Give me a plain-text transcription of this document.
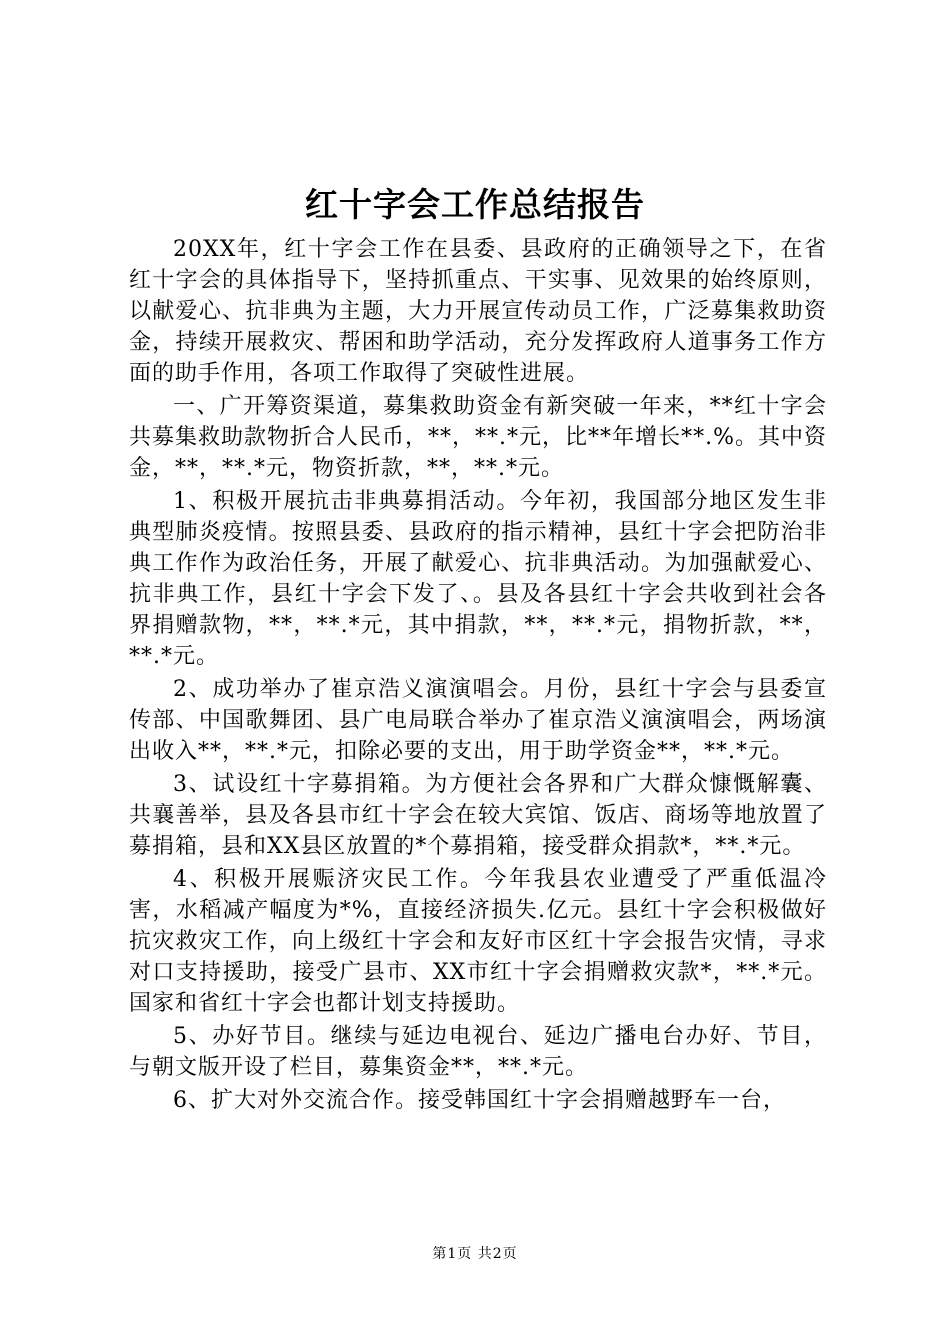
红十字会工作总结报告

20XX年，红十字会工作在县委、县政府的正确领导之下，在省红十字会的具体指导下，坚持抓重点、干实事、见效果的始终原则，以献爱心、抗非典为主题，大力开展宣传动员工作，广泛募集救助资金，持续开展救灾、帮困和助学活动，充分发挥政府人道事务工作方面的助手作用，各项工作取得了突破性进展。

一、广开筹资渠道，募集救助资金有新突破一年来，**红十字会共募集救助款物折合人民币，**，**.*元，比**年增长**.%。其中资金，**，**.*元，物资折款，**，**.*元。

1、积极开展抗击非典募捐活动。今年初，我国部分地区发生非典型肺炎疫情。按照县委、县政府的指示精神，县红十字会把防治非典工作作为政治任务，开展了献爱心、抗非典活动。为加强献爱心、抗非典工作，县红十字会下发了、。县及各县红十字会共收到社会各界捐赠款物，**，**.*元，其中捐款，**，**.*元，捐物折款，**，**.*元。

2、成功举办了崔京浩义演演唱会。月份，县红十字会与县委宣传部、中国歌舞团、县广电局联合举办了崔京浩义演演唱会，两场演出收入**，**.*元，扣除必要的支出，用于助学资金**，**.*元。

3、试设红十字募捐箱。为方便社会各界和广大群众慷慨解囊、共襄善举，县及各县市红十字会在较大宾馆、饭店、商场等地放置了募捐箱，县和XX县区放置的*个募捐箱，接受群众捐款*，**.*元。

4、积极开展赈济灾民工作。今年我县农业遭受了严重低温冷害，水稻减产幅度为*%，直接经济损失.亿元。县红十字会积极做好抗灾救灾工作，向上级红十字会和友好市区红十字会报告灾情，寻求对口支持援助，接受广县市、XX市红十字会捐赠救灾款*，**.*元。国家和省红十字会也都计划支持援助。

5、办好节目。继续与延边电视台、延边广播电台办好、节目，与朝文版开设了栏目，募集资金**，**.*元。

6、扩大对外交流合作。接受韩国红十字会捐赠越野车一台，

第1页 共2页
